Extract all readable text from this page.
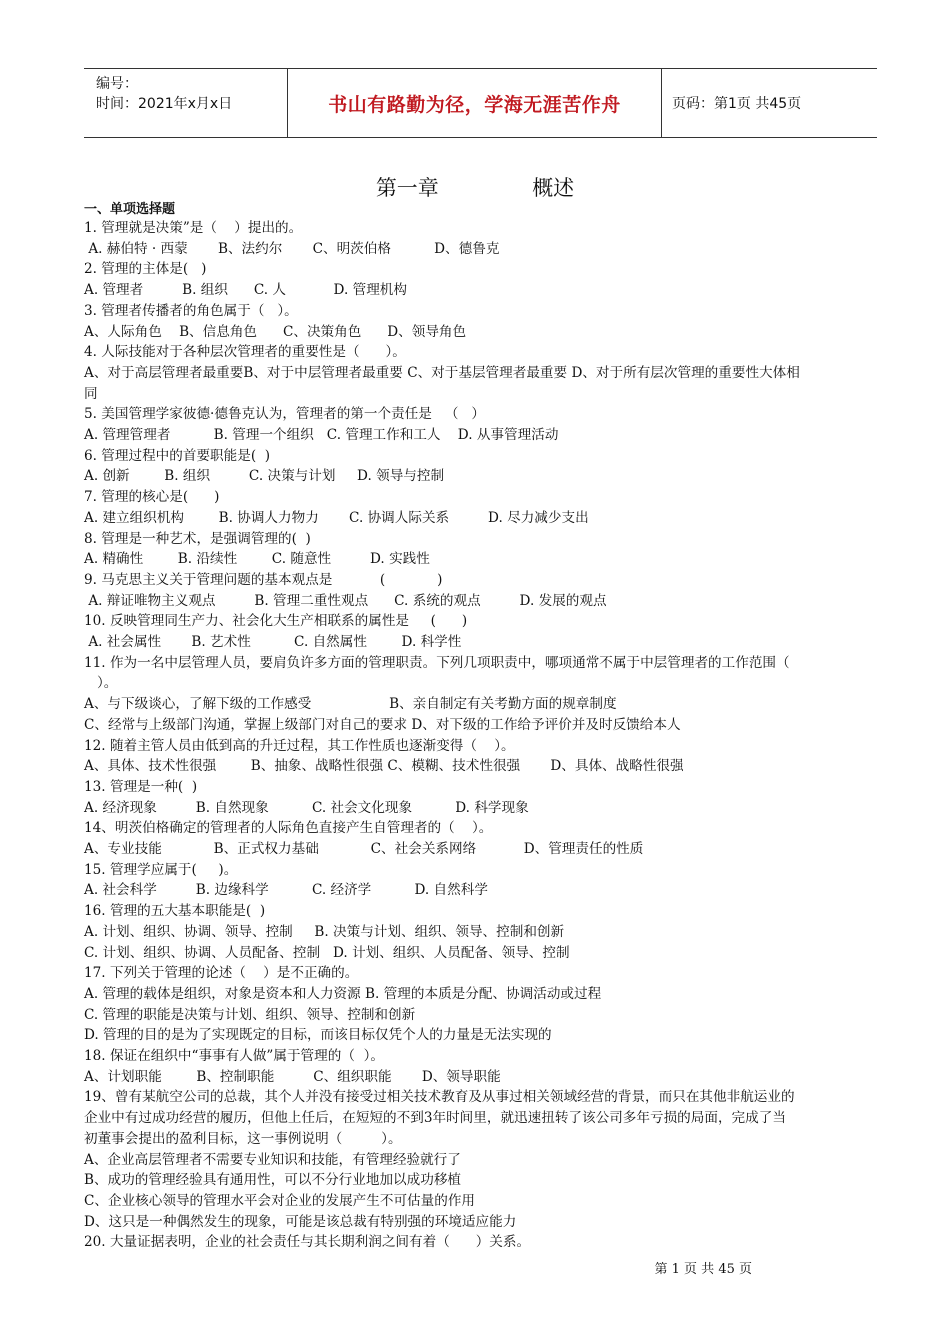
编号：
时间：2021年x月x日	书山有路勤为径，学海无涯苦作舟	页码：第1页 共45页
第一章	概述
一、单项选择题
1. 管理就是决策”是（    ）提出的。
A. 赫伯特 · 西蒙       B、法约尔       C、明茨伯格          D、德鲁克
2. 管理的主体是(   )
A. 管理者         B. 组织      C. 人           D. 管理机构
3. 管理者传播者的角色属于（   ）。
A、人际角色    B、信息角色      C、决策角色      D、领导角色
4. 人际技能对于各种层次管理者的重要性是（      ）。
A、对于高层管理者最重要B、对于中层管理者最重要 C、对于基层管理者最重要 D、对于所有层次管理的重要性大体相
同
5. 美国管理学家彼德·德鲁克认为，管理者的第一个责任是   （   ）
A. 管理管理者          B. 管理一个组织   C. 管理工作和工人    D. 从事管理活动
6. 管理过程中的首要职能是(  )
A. 创新        B. 组织         C. 决策与计划     D. 领导与控制
7. 管理的核心是(      )
A. 建立组织机构        B. 协调人力物力       C. 协调人际关系         D. 尽力减少支出
8. 管理是一种艺术，是强调管理的(  )
A. 精确性        B. 沿续性        C. 随意性         D. 实践性
9. 马克思主义关于管理问题的基本观点是           (            )
A. 辩证唯物主义观点         B. 管理二重性观点      C. 系统的观点         D. 发展的观点
10. 反映管理同生产力、社会化大生产相联系的属性是     (      )
A. 社会属性       B. 艺术性          C. 自然属性        D. 科学性
11. 作为一名中层管理人员，要肩负许多方面的管理职责。下列几项职责中，哪项通常不属于中层管理者的工作范围（
）。
A、与下级谈心，了解下级的工作感受                  B、亲自制定有关考勤方面的规章制度
C、经常与上级部门沟通，掌握上级部门对自己的要求 D、对下级的工作给予评价并及时反馈给本人
12. 随着主管人员由低到高的升迁过程，其工作性质也逐渐变得（    ）。
A、具体、技术性很强        B、抽象、战略性很强 C、模糊、技术性很强       D、具体、战略性很强
13. 管理是一种(  )
A. 经济现象         B. 自然现象          C. 社会文化现象          D. 科学现象
14、明茨伯格确定的管理者的人际角色直接产生自管理者的（    ）。
A、专业技能            B、正式权力基础            C、社会关系网络           D、管理责任的性质
15. 管理学应属于(     )。
A. 社会科学         B. 边缘科学          C. 经济学          D. 自然科学
16. 管理的五大基本职能是(  )
A. 计划、组织、协调、领导、控制     B. 决策与计划、组织、领导、控制和创新
C. 计划、组织、协调、人员配备、控制   D. 计划、组织、人员配备、领导、控制
17. 下列关于管理的论述（    ）是不正确的。
A. 管理的载体是组织，对象是资本和人力资源 B. 管理的本质是分配、协调活动或过程
C. 管理的职能是决策与计划、组织、领导、控制和创新
D. 管理的目的是为了实现既定的目标，而该目标仅凭个人的力量是无法实现的
18. 保证在组织中“事事有人做”属于管理的（  ）。
A、计划职能        B、控制职能         C、组织职能       D、领导职能
19、曾有某航空公司的总裁，其个人并没有接受过相关技术教育及从事过相关领域经营的背景，而只在其他非航运业的
企业中有过成功经营的履历，但他上任后，在短短的不到3年时间里，就迅速扭转了该公司多年亏损的局面，完成了当
初董事会提出的盈利目标，这一事例说明（         ）。
A、企业高层管理者不需要专业知识和技能，有管理经验就行了
B、成功的管理经验具有通用性，可以不分行业地加以成功移植
C、企业核心领导的管理水平会对企业的发展产生不可估量的作用
D、这只是一种偶然发生的现象，可能是该总裁有特别强的环境适应能力
20. 大量证据表明，企业的社会责任与其长期利润之间有着（      ）关系。
第 1 页 共 45 页
